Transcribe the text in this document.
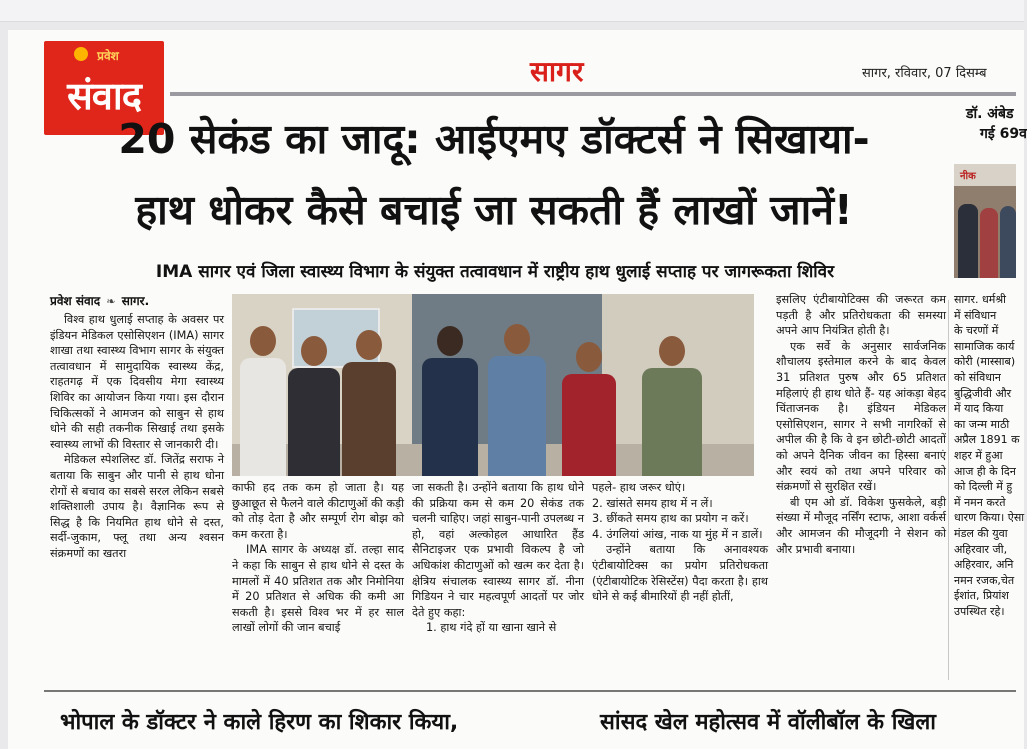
प्रवेश
संवाद
सागर	सागर, रविवार, 07 दिसम्ब
20 सेकंड का जादू: आईएमए डॉक्टर्स ने सिखाया-
हाथ धोकर कैसे बचाई जा सकती हैं लाखों जानें!
IMA सागर एवं जिला स्वास्थ्य विभाग के संयुक्त तत्वावधान में राष्ट्रीय हाथ धुलाई सप्ताह पर जागरूकता शिविर
प्रवेश संवाद ❧ सागर.

विश्व हाथ धुलाई सप्ताह के अवसर पर इंडियन मेडिकल एसोसिएशन (IMA) सागर शाखा तथा स्वास्थ्य विभाग सागर के संयुक्त तत्वावधान में सामुदायिक स्वास्थ्य केंद्र, राहतगढ़ में एक दिवसीय मेगा स्वास्थ्य शिविर का आयोजन किया गया। इस दौरान चिकित्सकों ने आमजन को साबुन से हाथ धोने की सही तकनीक सिखाई तथा इसके स्वास्थ्य लाभों की विस्तार से जानकारी दी।

मेडिकल स्पेशलिस्ट डॉ. जितेंद्र सराफ ने बताया कि साबुन और पानी से हाथ धोना रोगों से बचाव का सबसे सरल लेकिन सबसे शक्तिशाली उपाय है। वैज्ञानिक रूप से सिद्ध है कि नियमित हाथ धोने से दस्त, सर्दी-जुकाम, फ्लू तथा अन्य श्वसन संक्रमणों का खतरा

काफी हद तक कम हो जाता है। यह छुआछूत से फैलने वाले कीटाणुओं की कड़ी को तोड़ देता है और सम्पूर्ण रोग बोझ को कम करता है।

IMA सागर के अध्यक्ष डॉ. तल्हा साद ने कहा कि साबुन से हाथ धोने से दस्त के मामलों में 40 प्रतिशत तक और निमोनिया में 20 प्रतिशत से अधिक की कमी आ सकती है। इससे विश्व भर में हर साल लाखों लोगों की जान बचाई

जा सकती है। उन्होंने बताया कि हाथ धोने की प्रक्रिया कम से कम 20 सेकंड तक चलनी चाहिए। जहां साबुन-पानी उपलब्ध न हो, वहां अल्कोहल आधारित हैंड सैनिटाइजर एक प्रभावी विकल्प है जो अधिकांश कीटाणुओं को खत्म कर देता है। क्षेत्रिय संचालक स्वास्थ्य सागर डॉ. नीना गिडियन ने चार महत्वपूर्ण आदतों पर जोर देते हुए कहा:

1. हाथ गंदे हों या खाना खाने से

पहले- हाथ जरूर धोएं।

2. खांसते समय हाथ में न लें।

3. छींकते समय हाथ का प्रयोग न करें।

4. उंगलियां आंख, नाक या मुंह में न डालें।

उन्होंने बताया कि अनावश्यक एंटीबायोटिक्स का प्रयोग प्रतिरोधकता (एंटीबायोटिक रेसिस्टेंस) पैदा करता है। हाथ धोने से कई बीमारियों ही नहीं होतीं,

इसलिए एंटीबायोटिक्स की जरूरत कम पड़ती है और प्रतिरोधकता की समस्या अपने आप नियंत्रित होती है।

एक सर्वे के अनुसार सार्वजनिक शौचालय इस्तेमाल करने के बाद केवल 31 प्रतिशत पुरुष और 65 प्रतिशत महिलाएं ही हाथ धोते हैं- यह आंकड़ा बेहद चिंताजनक है। इंडियन मेडिकल एसोसिएशन, सागर ने सभी नागरिकों से अपील की है कि वे इन छोटी-छोटी आदतों को अपने दैनिक जीवन का हिस्सा बनाएं और स्वयं को तथा अपने परिवार को संक्रमणों से सुरक्षित रखें।

बी एम ओ डॉ. विकेश फुसकेले, बड़ी संख्या में मौजूद नर्सिंग स्टाफ, आशा वर्कर्स और आमजन की मौजूदगी ने सेशन को और प्रभावी बनाया।

डॉ. अंबेड
गई 69व
नीक
सागर. धर्मश्री
में संविधान
के चरणों में
सामाजिक कार्य
कोरी (मास्साब)
को संविधान
बुद्धिजीवी और
में याद किया
का जन्म माठी
अप्रैल 1891 क
शहर में हुआ
आज ही के दिन
को दिल्ली में हु
में नमन करते
धारण किया। ऐसा
मंडल की युवा
अहिरवार जी,
अहिरवार, अनि
नमन रजक,चेत
ईशांत, प्रियांश
उपस्थित रहे।
भोपाल के डॉक्टर ने काले हिरण का शिकार किया,	सांसद खेल महोत्सव में वॉलीबॉल के खिला
